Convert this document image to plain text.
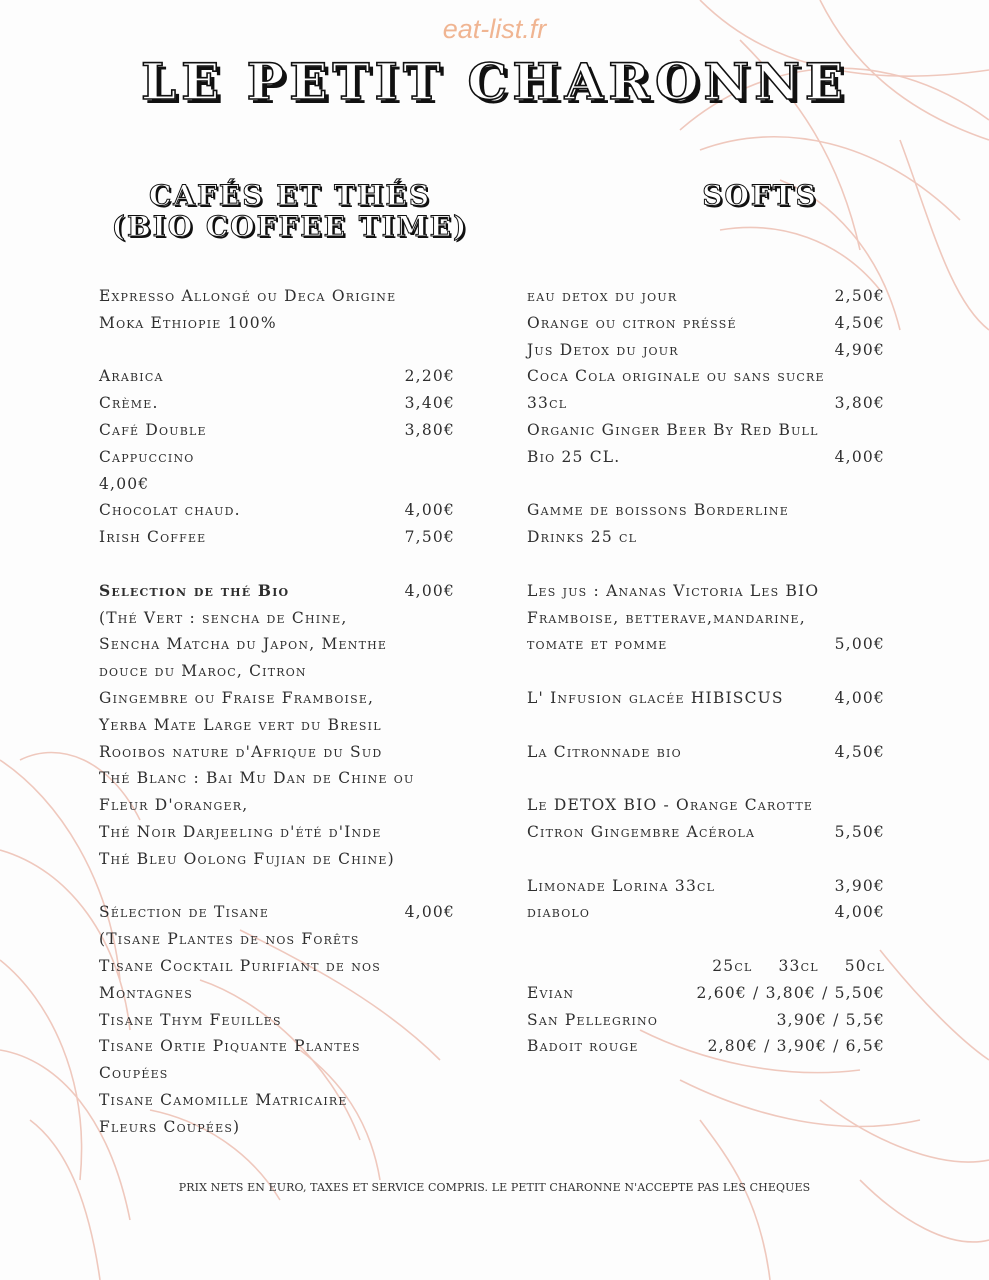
eat-list.fr
LE PETIT CHARONNE
CAFÉS ET THÉS
(BIO COFFEE TIME)
SOFTS
Expresso Allongé ou Deca Origine
Moka Ethiopie 100%
Arabica	2,20€
Crème.	3,40€
Café Double	3,80€
Cappuccino
4,00€
Chocolat chaud.	4,00€
Irish Coffee	7,50€
Selection de thé Bio	4,00€
(Thé Vert : sencha de Chine,
Sencha Matcha du Japon, Menthe
douce du Maroc, Citron
Gingembre ou Fraise Framboise,
Yerba Mate Large vert du Bresil
Rooibos nature d'Afrique du Sud
Thé Blanc : Bai Mu Dan de Chine ou
Fleur D'oranger,
Thé Noir Darjeeling d'été d'Inde
Thé Bleu Oolong Fujian de Chine)
Sélection de Tisane	4,00€
(Tisane Plantes de nos Forêts
Tisane Cocktail Purifiant de nos
Montagnes
Tisane Thym Feuilles
Tisane Ortie Piquante Plantes
Coupées
Tisane Camomille Matricaire
Fleurs Coupées)
eau detox du jour	2,50€
Orange ou citron préssé	4,50€
Jus Detox du jour	4,90€
Coca Cola originale ou sans sucre
33cl	3,80€
Organic Ginger Beer By Red Bull
Bio 25 CL.	4,00€
Gamme de boissons Borderline
Drinks 25 cl
Les jus : Ananas Victoria Les BIO
Framboise, betterave,mandarine,
tomate et pomme	5,00€
L' Infusion glacée HIBISCUS	4,00€
La Citronnade bio	4,50€
Le DETOX BIO - Orange Carotte
Citron Gingembre Acérola	5,50€
Limonade Lorina 33cl	3,90€
diabolo	4,00€
25cl 33cl 50cl
Evian	2,60€ / 3,80€ / 5,50€
San Pellegrino	3,90€ / 5,5€
Badoit rouge	2,80€ / 3,90€ / 6,5€
PRIX NETS EN EURO, TAXES ET SERVICE COMPRIS. LE PETIT CHARONNE N'ACCEPTE PAS LES CHEQUES
